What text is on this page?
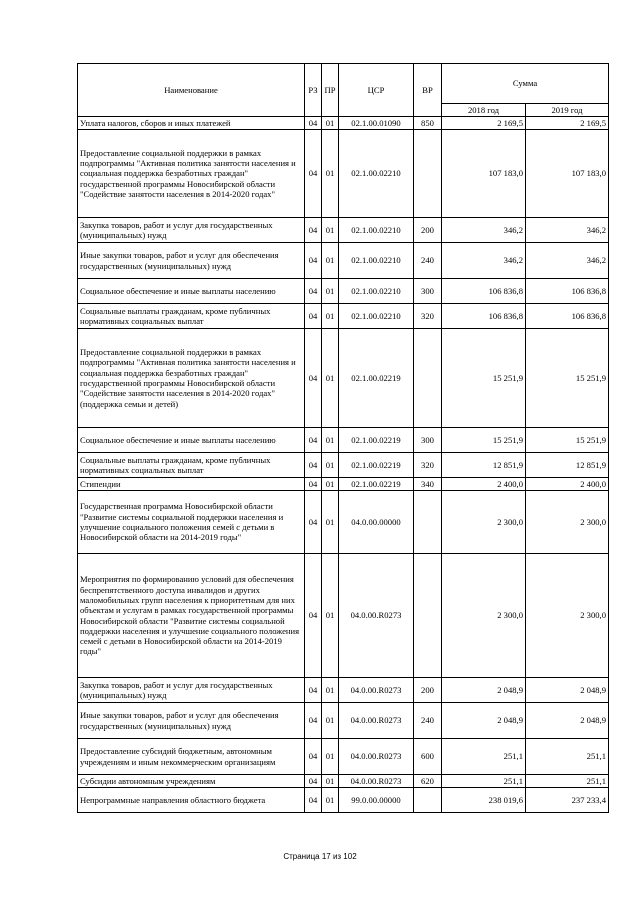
Наименование	РЗ	ПР	ЦСР	ВР	Сумма	
					2018 год	2019 год
Уплата налогов, сборов и иных платежей	04	01	02.1.00.01090	850	2 169,5	2 169,5
Предоставление социальной поддержки в рамках подпрограммы "Активная политика занятости населения и социальная поддержка безработных граждан" государственной программы Новосибирской области "Содействие занятости населения в 2014-2020 годах"	04	01	02.1.00.02210		107 183,0	107 183,0
Закупка товаров, работ и услуг для государственных (муниципальных) нужд	04	01	02.1.00.02210	200	346,2	346,2
Иные закупки товаров, работ и услуг для обеспечения государственных (муниципальных) нужд	04	01	02.1.00.02210	240	346,2	346,2
Социальное обеспечение и иные выплаты населению	04	01	02.1.00.02210	300	106 836,8	106 836,8
Социальные выплаты гражданам, кроме публичных нормативных социальных выплат	04	01	02.1.00.02210	320	106 836,8	106 836,8
Предоставление социальной поддержки в рамках подпрограммы "Активная политика занятости населения и социальная поддержка безработных граждан" государственной программы Новосибирской области "Содействие занятости населения в 2014-2020 годах" (поддержка семьи и детей)	04	01	02.1.00.02219		15 251,9	15 251,9
Социальное обеспечение и иные выплаты населению	04	01	02.1.00.02219	300	15 251,9	15 251,9
Социальные выплаты гражданам, кроме публичных нормативных социальных выплат	04	01	02.1.00.02219	320	12 851,9	12 851,9
Стипендии	04	01	02.1.00.02219	340	2 400,0	2 400,0
Государственная программа Новосибирской области "Развитие системы социальной поддержки населения и улучшение социального положения семей с детьми в Новосибирской области на 2014-2019 годы"	04	01	04.0.00.00000		2 300,0	2 300,0
Мероприятия по формированию условий для обеспечения беспрепятственного доступа инвалидов и других маломобильных групп населения к приоритетным для них объектам и услугам в рамках государственной программы Новосибирской области "Развитие системы социальной поддержки населения и улучшение социального положения семей с детьми в Новосибирской области на 2014-2019 годы"	04	01	04.0.00.R0273		2 300,0	2 300,0
Закупка товаров, работ и услуг для государственных (муниципальных) нужд	04	01	04.0.00.R0273	200	2 048,9	2 048,9
Иные закупки товаров, работ и услуг для обеспечения государственных (муниципальных) нужд	04	01	04.0.00.R0273	240	2 048,9	2 048,9
Предоставление субсидий бюджетным, автономным учреждениям и иным некоммерческим организациям	04	01	04.0.00.R0273	600	251,1	251,1
Субсидии автономным учреждениям	04	01	04.0.00.R0273	620	251,1	251,1
Непрограммные направления областного бюджета	04	01	99.0.00.00000		238 019,6	237 233,4
Страница 17 из 102
